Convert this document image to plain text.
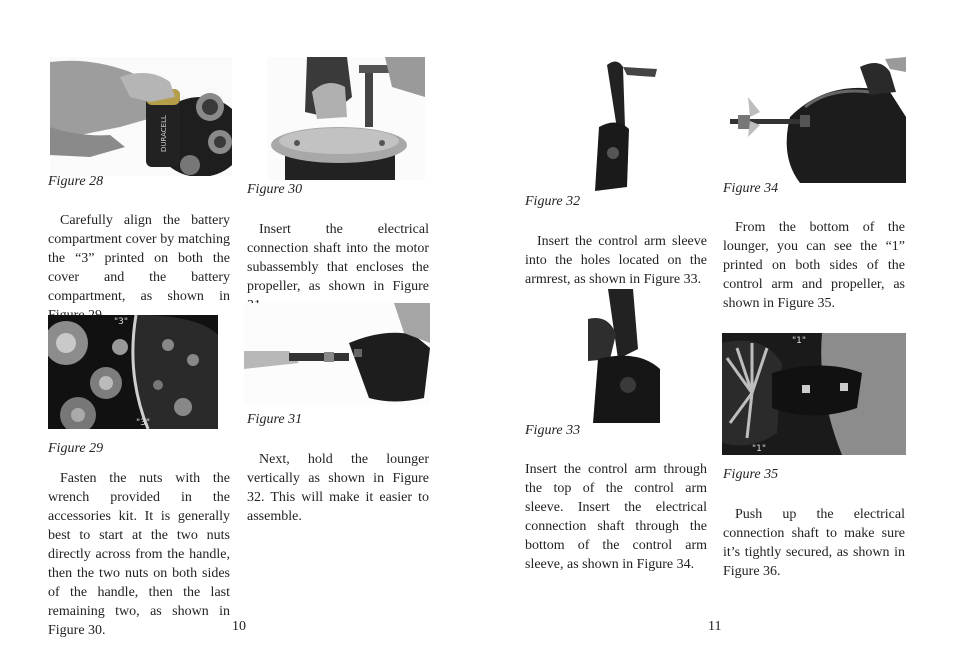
DURACELL
Figure 28
Carefully align the battery compartment cover by matching the “3” printed on both the cover and the battery compartment, as shown in
"3"
"3"
Figure 29
Fasten the nuts with the wrench provided in the accessories kit. It is generally best to start at the two nuts directly across from the handle, then the two nuts on both sides of the handle, then the last remaining two, as shown in Figure 30.
Figure 30
Insert the electrical connection shaft into the motor subassembly that encloses the propeller, as shown in Figure
Figure 31
Next, hold the lounger vertically as shown in Figure 32. This will make it easier to assemble.
10
Figure 32
Insert the control arm sleeve into the holes located on the armrest, as shown in Figure 33.
Figure 33
Insert the control arm through the top of the control arm sleeve. Insert the electrical connection shaft through the bottom of the control arm sleeve, as shown in Figure 34.
Figure 34
From the bottom of the lounger, you can see the “1” printed on both sides of the control arm and propeller, as shown in Figure 35.
"1"
"1"
Figure 35
Push up the electrical connection shaft to make sure it’s tightly secured, as shown in Figure 36.
11
